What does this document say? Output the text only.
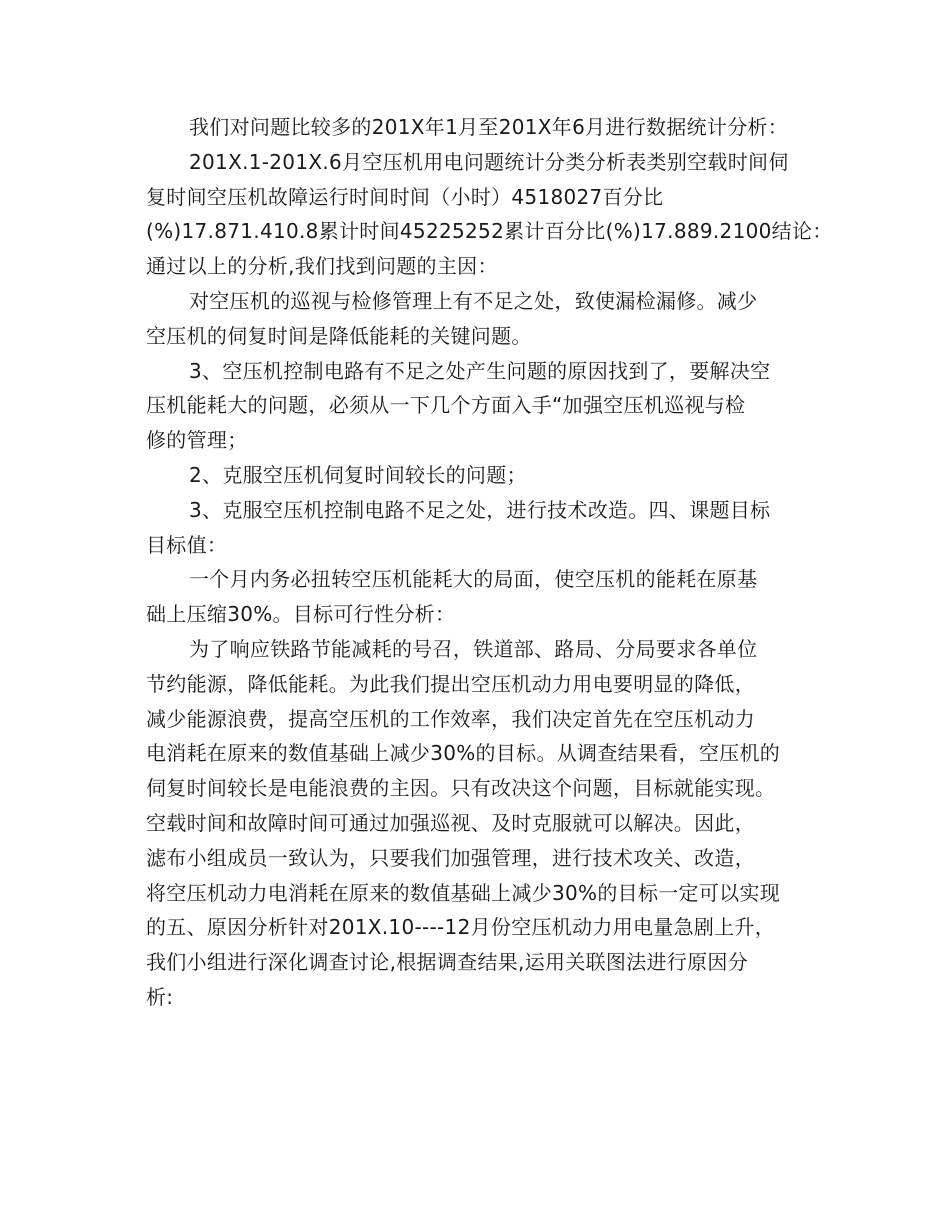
我们对问题比较多的201X年1月至201X年6月进行数据统计分析：

201X.1-201X.6月空压机用电问题统计分类分析表类别空载时间伺
复时间空压机故障运行时间时间（小时）4518027百分比
(%)17.871.410.8累计时间45225252累计百分比(%)17.889.2100结论：
通过以上的分析,我们找到问题的主因：

对空压机的巡视与检修管理上有不足之处，致使漏检漏修。减少
空压机的伺复时间是降低能耗的关键问题。

3、空压机控制电路有不足之处产生问题的原因找到了，要解决空
压机能耗大的问题，必须从一下几个方面入手“加强空压机巡视与检
修的管理；

2、克服空压机伺复时间较长的问题；

3、克服空压机控制电路不足之处，进行技术改造。四、课题目标
目标值：

一个月内务必扭转空压机能耗大的局面，使空压机的能耗在原基
础上压缩30%。目标可行性分析：

为了响应铁路节能减耗的号召，铁道部、路局、分局要求各单位
节约能源，降低能耗。为此我们提出空压机动力用电要明显的降低，
减少能源浪费，提高空压机的工作效率，我们决定首先在空压机动力
电消耗在原来的数值基础上减少30%的目标。从调查结果看，空压机的
伺复时间较长是电能浪费的主因。只有改决这个问题，目标就能实现。
空载时间和故障时间可通过加强巡视、及时克服就可以解决。因此，
滤布小组成员一致认为，只要我们加强管理，进行技术攻关、改造，
将空压机动力电消耗在原来的数值基础上减少30%的目标一定可以实现
的五、原因分析针对201X.10----12月份空压机动力用电量急剧上升，
我们小组进行深化调查讨论,根据调查结果,运用关联图法进行原因分
析:
